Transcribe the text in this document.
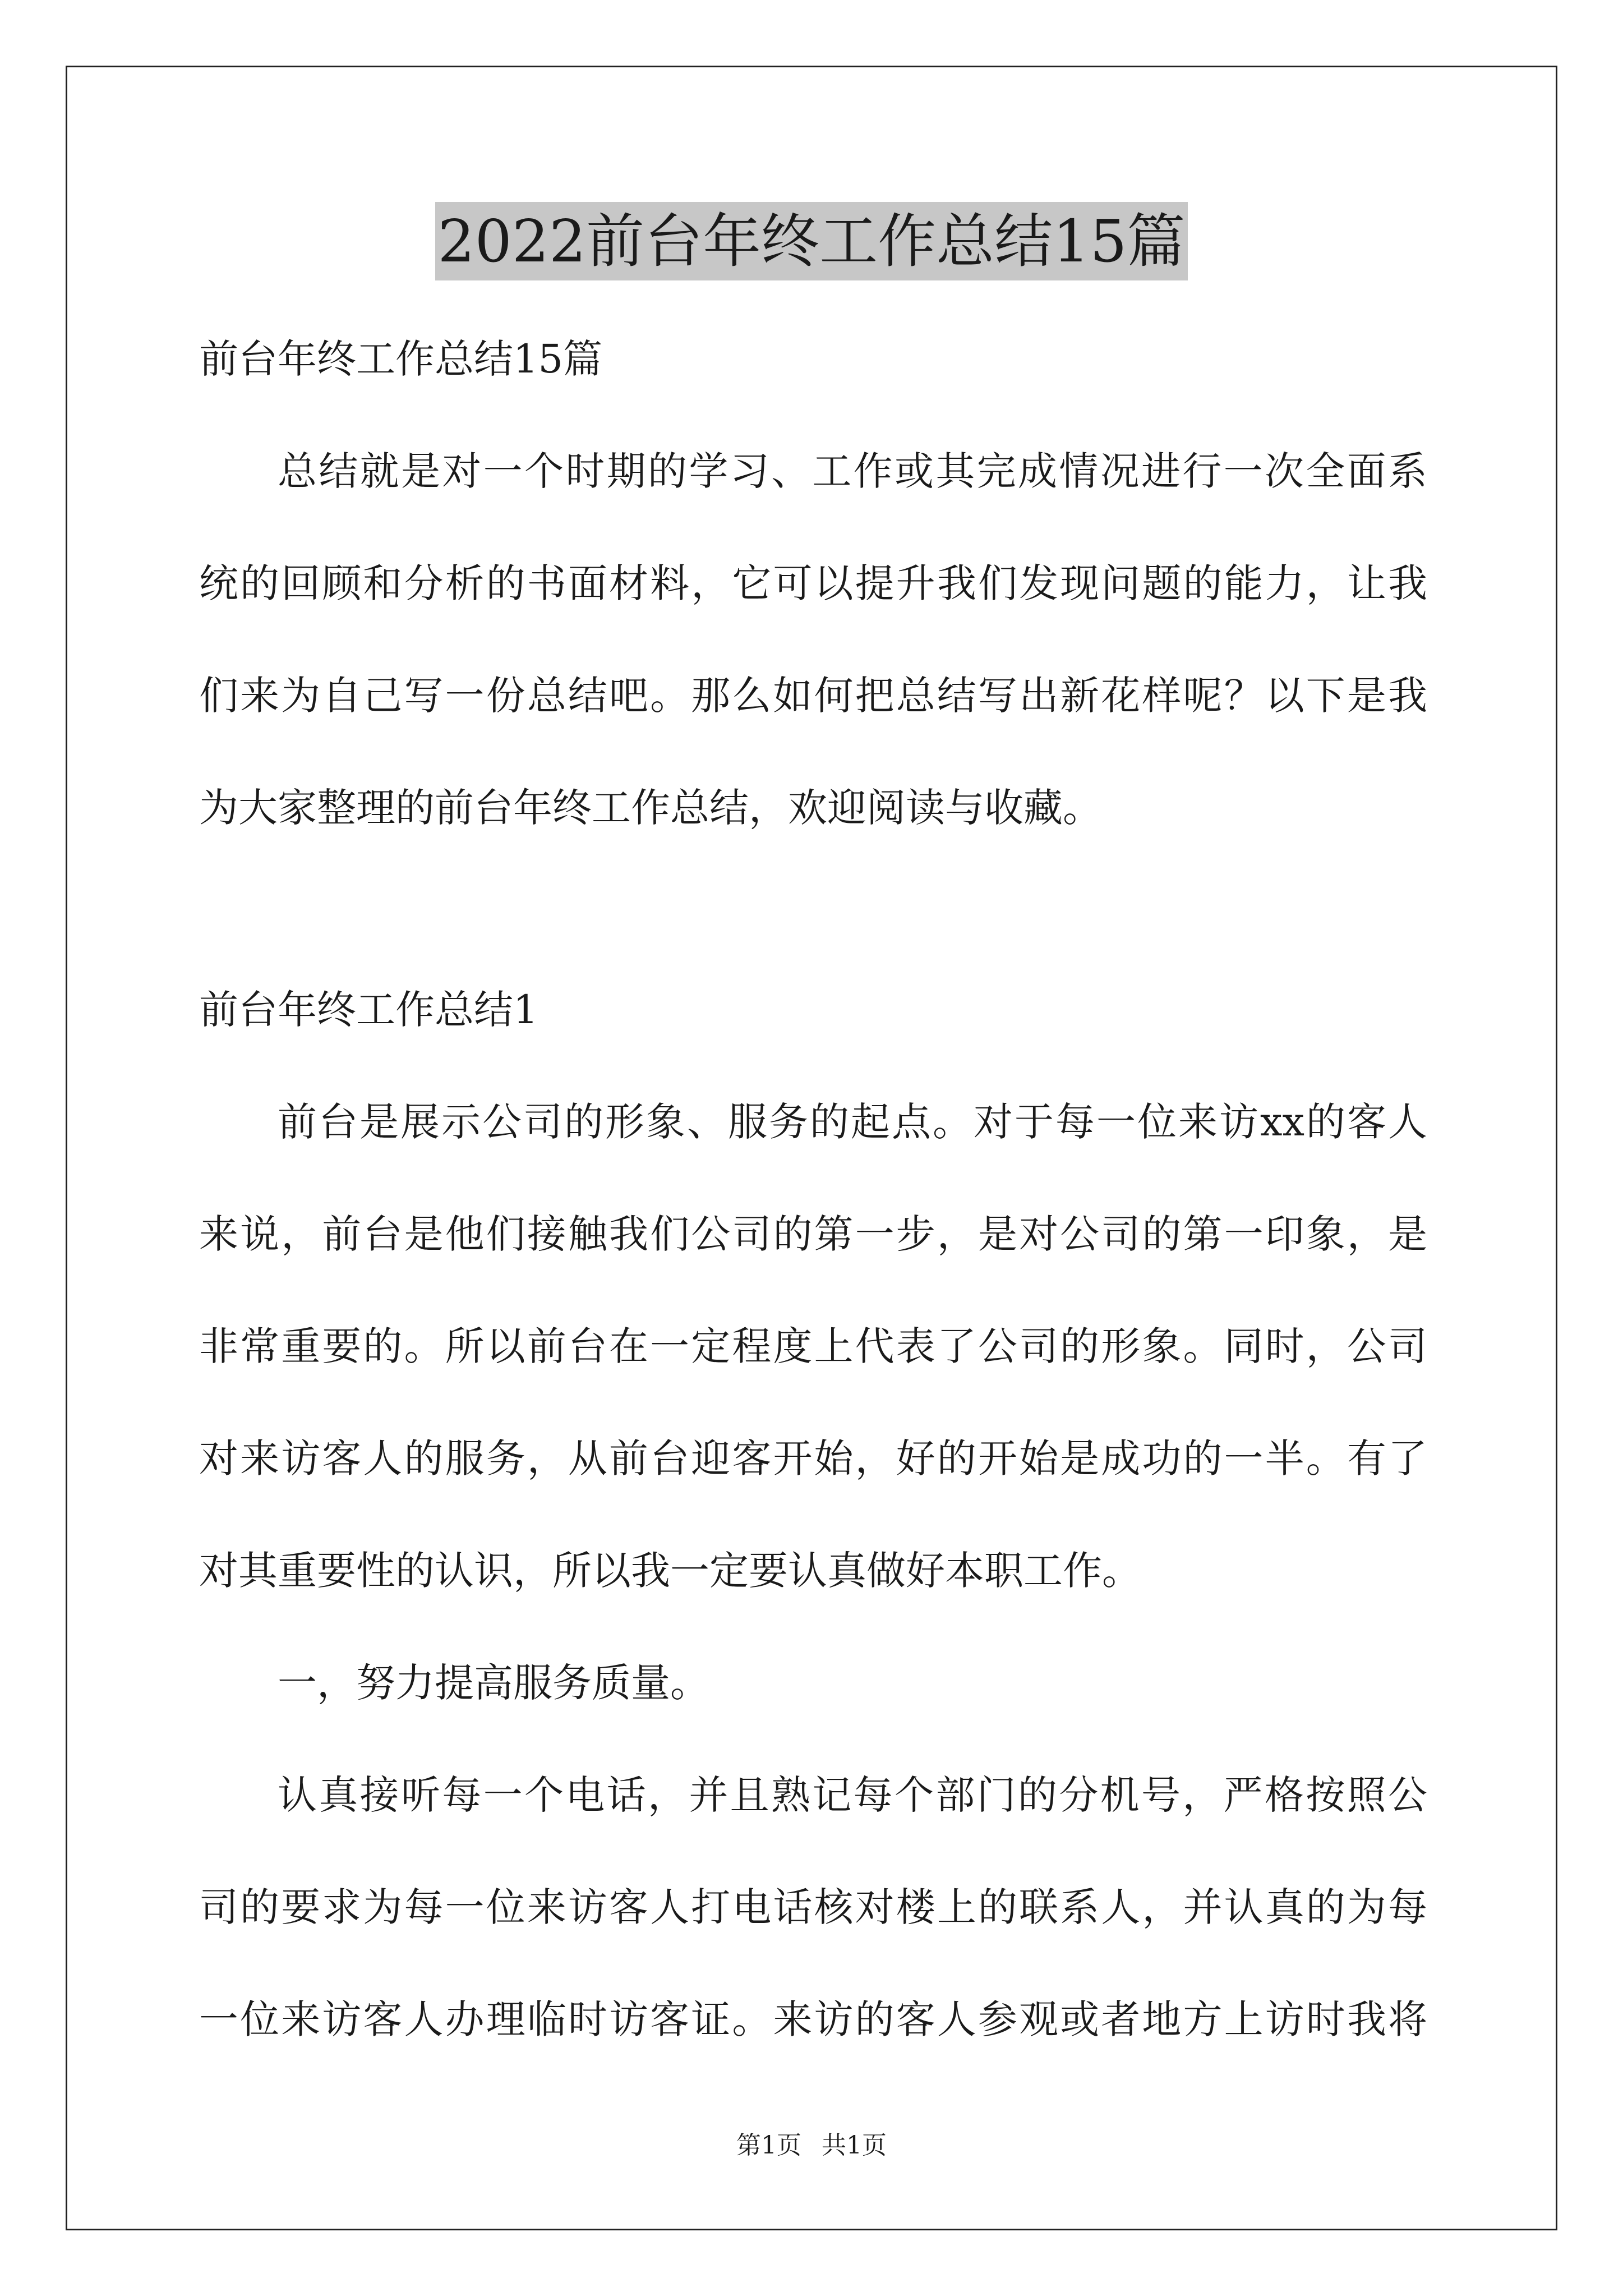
2022前台年终工作总结15篇
前台年终工作总结15篇
总结就是对一个时期的学习、工作或其完成情况进行一次全面系
统的回顾和分析的书面材料，它可以提升我们发现问题的能力，让我
们来为自己写一份总结吧。那么如何把总结写出新花样呢？以下是我
为大家整理的前台年终工作总结，欢迎阅读与收藏。
前台年终工作总结1
前台是展示公司的形象、服务的起点。对于每一位来访xx的客人
来说，前台是他们接触我们公司的第一步，是对公司的第一印象，是
非常重要的。所以前台在一定程度上代表了公司的形象。同时，公司
对来访客人的服务，从前台迎客开始，好的开始是成功的一半。有了
对其重要性的认识，所以我一定要认真做好本职工作。
一，努力提高服务质量。
认真接听每一个电话，并且熟记每个部门的分机号，严格按照公
司的要求为每一位来访客人打电话核对楼上的联系人，并认真的为每
一位来访客人办理临时访客证。来访的客人参观或者地方上访时我将
第1页 共1页
